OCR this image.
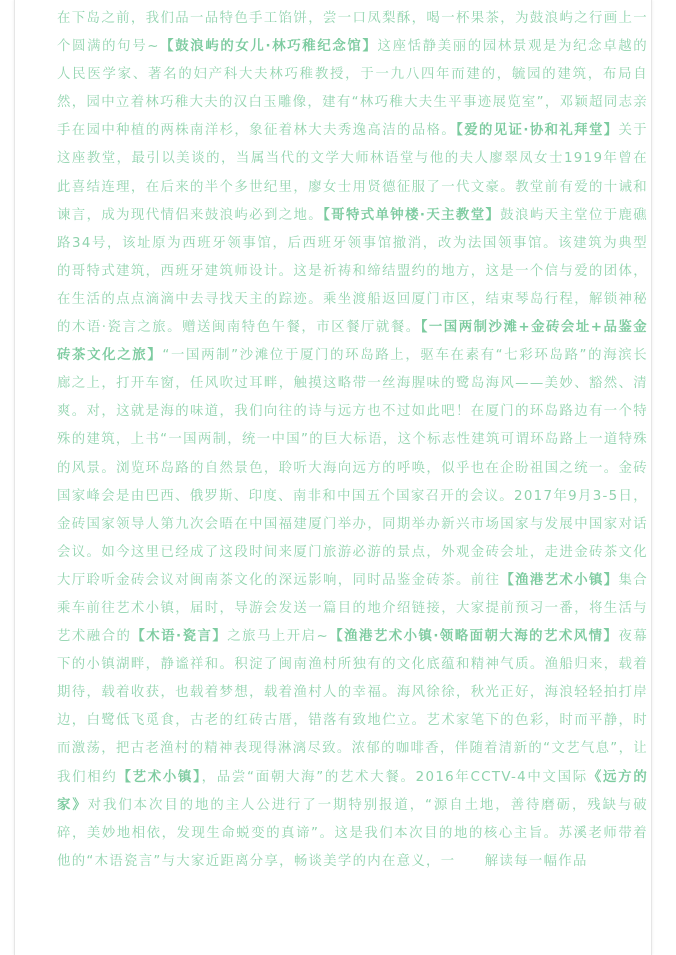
在下岛之前，我们品一品特色手工馅饼，尝一口凤梨酥，喝一杯果茶，为鼓浪屿之行画上一个圆满的句号~【鼓浪屿的女儿·林巧稚纪念馆】这座恬静美丽的园林景观是为纪念卓越的人民医学家、著名的妇产科大夫林巧稚教授，于一九八四年而建的，毓园的建筑，布局自然，园中立着林巧稚大夫的汉白玉雕像，建有“林巧稚大夫生平事迹展览室”，邓颖超同志亲手在园中种植的两株南洋杉，象征着林大夫秀逸高洁的品格。【爱的见证·协和礼拜堂】关于这座教堂，最引以美谈的，当属当代的文学大师林语堂与他的夫人廖翠凤女士1919年曾在此喜结连理，在后来的半个多世纪里，廖女士用贤德征服了一代文豪。教堂前有爱的十诫和谏言，成为现代情侣来鼓浪屿必到之地。【哥特式单钟楼·天主教堂】鼓浪屿天主堂位于鹿礁路34号，该址原为西班牙领事馆，后西班牙领事馆撤消，改为法国领事馆。该建筑为典型的哥特式建筑，西班牙建筑师设计。这是祈祷和缔结盟约的地方，这是一个信与爱的团体，在生活的点点滴滴中去寻找天主的踪迹。乘坐渡船返回厦门市区，结束琴岛行程，解锁神秘的木语·瓷言之旅。赠送闽南特色午餐，市区餐厅就餐。【一国两制沙滩+金砖会址+品鉴金砖茶文化之旅】“一国两制”沙滩位于厦门的环岛路上，驱车在素有“七彩环岛路”的海滨长廊之上，打开车窗，任风吹过耳畔，触摸这略带一丝海腥味的鹭岛海风——美妙、豁然、清爽。对，这就是海的味道，我们向往的诗与远方也不过如此吧！在厦门的环岛路边有一个特殊的建筑，上书“一国两制，统一中国”的巨大标语，这个标志性建筑可谓环岛路上一道特殊的风景。浏览环岛路的自然景色，聆听大海向远方的呼唤，似乎也在企盼祖国之统一。金砖国家峰会是由巴西、俄罗斯、印度、南非和中国五个国家召开的会议。2017年9月3-5日，金砖国家领导人第九次会晤在中国福建厦门举办，同期举办新兴市场国家与发展中国家对话会议。如今这里已经成了这段时间来厦门旅游必游的景点，外观金砖会址，走进金砖茶文化大厅聆听金砖会议对闽南茶文化的深远影响，同时品鉴金砖茶。前往【渔港艺术小镇】集合乘车前往艺术小镇，届时，导游会发送一篇目的地介绍链接，大家提前预习一番，将生活与艺术融合的【木语·瓷言】之旅马上开启~【渔港艺术小镇·领略面朝大海的艺术风情】夜幕下的小镇湖畔，静谧祥和。积淀了闽南渔村所独有的文化底蕴和精神气质。渔船归来，载着期待，载着收获，也载着梦想，载着渔村人的幸福。海风徐徐，秋光正好，海浪轻轻拍打岸边，白鹭低飞觅食，古老的红砖古厝，错落有致地伫立。艺术家笔下的色彩，时而平静，时而激荡，把古老渔村的精神表现得淋漓尽致。浓郁的咖啡香，伴随着清新的“文艺气息”，让我们相约【艺术小镇】，品尝“面朝大海”的艺术大餐。2016年CCTV-4中文国际《远方的家》对我们本次目的地的主人公进行了一期特别报道，“源自土地，善待磨砺，残缺与破碎，美妙地相依，发现生命蜕变的真谛”。这是我们本次目的地的核心主旨。苏溪老师带着他的“木语瓷言”与大家近距离分享，畅谈美学的内在意义，一　　解读每一幅作品
